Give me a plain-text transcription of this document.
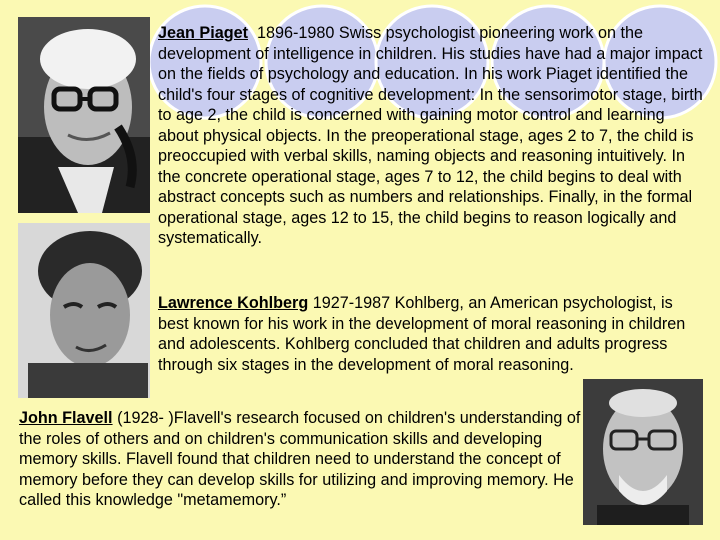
Jean Piaget 1896-1980 Swiss psychologist pioneering work on the development of intelligence in children. His studies have had a major impact on the fields of psychology and education. In his work Piaget identified the child's four stages of cognitive development: In the sensorimotor stage, birth to age 2, the child is concerned with gaining motor control and learning about physical objects. In the preoperational stage, ages 2 to 7, the child is preoccupied with verbal skills, naming objects and reasoning intuitively. In the concrete operational stage, ages 7 to 12, the child begins to deal with abstract concepts such as numbers and relationships. Finally, in the formal operational stage, ages 12 to 15, the child begins to reason logically and systematically.

Lawrence Kohlberg 1927-1987 Kohlberg, an American psychologist, is best known for his work in the development of moral reasoning in children and adolescents. Kohlberg concluded that children and adults progress through six stages in the development of moral reasoning.

John Flavell (1928- )Flavell's research focused on children's understanding of the roles of others and on children's communication skills and developing memory skills. Flavell found that children need to understand the concept of memory before they can develop skills for utilizing and improving memory. He called this knowledge "metamemory.”
